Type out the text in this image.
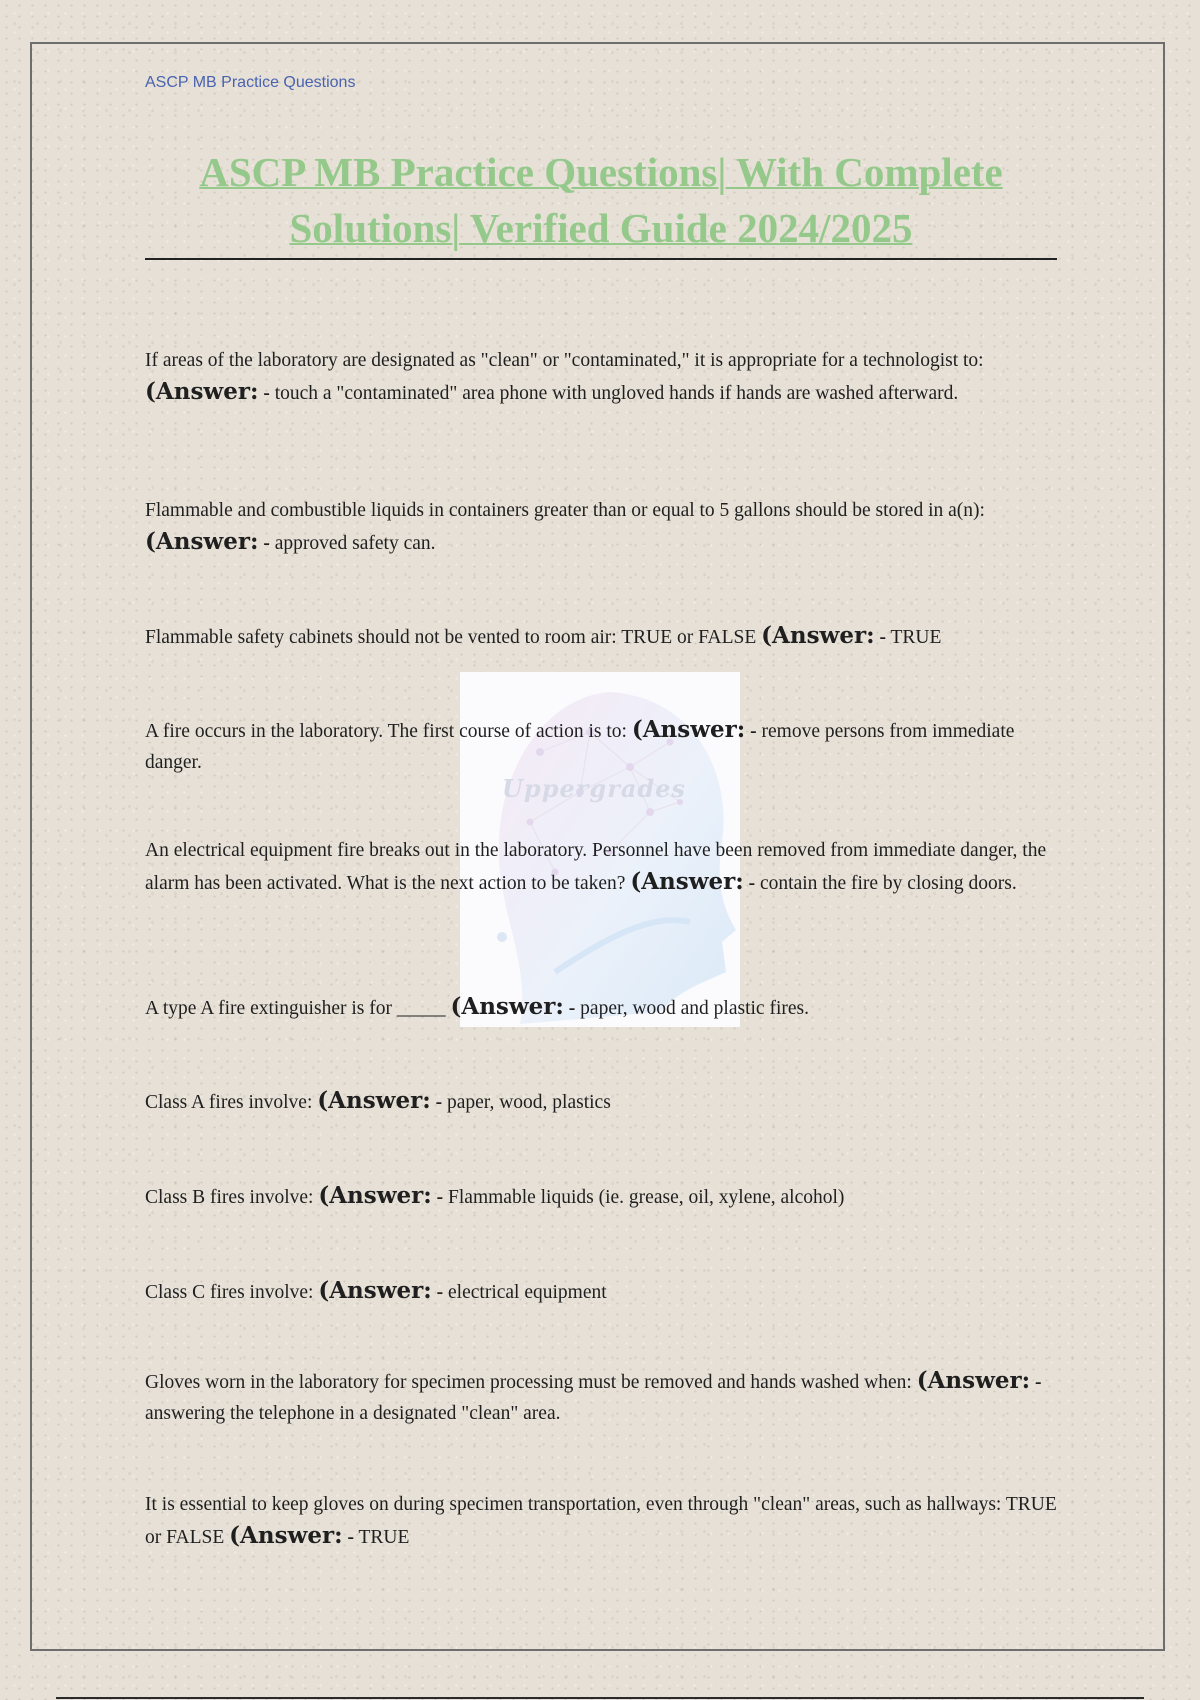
ASCP MB Practice Questions
ASCP MB Practice Questions| With Complete
Solutions| Verified Guide 2024/2025
Uppergrades

If areas of the laboratory are designated as "clean" or "contaminated," it is appropriate for a technologist to: (Answer: - touch a "contaminated" area phone with ungloved hands if hands are washed afterward.

Flammable and combustible liquids in containers greater than or equal to 5 gallons should be stored in a(n): (Answer: - approved safety can.

Flammable safety cabinets should not be vented to room air: TRUE or FALSE (Answer: - TRUE

A fire occurs in the laboratory. The first course of action is to: (Answer: - remove persons from immediate danger.

An electrical equipment fire breaks out in the laboratory. Personnel have been removed from immediate danger, the alarm has been activated. What is the next action to be taken? (Answer: - contain the fire by closing doors.

A type A fire extinguisher is for _____ (Answer: - paper, wood and plastic fires.

Class A fires involve: (Answer: - paper, wood, plastics

Class B fires involve: (Answer: - Flammable liquids (ie. grease, oil, xylene, alcohol)

Class C fires involve: (Answer: - electrical equipment

Gloves worn in the laboratory for specimen processing must be removed and hands washed when: (Answer: - answering the telephone in a designated "clean" area.

It is essential to keep gloves on during specimen transportation, even through "clean" areas, such as hallways: TRUE or FALSE (Answer: - TRUE
